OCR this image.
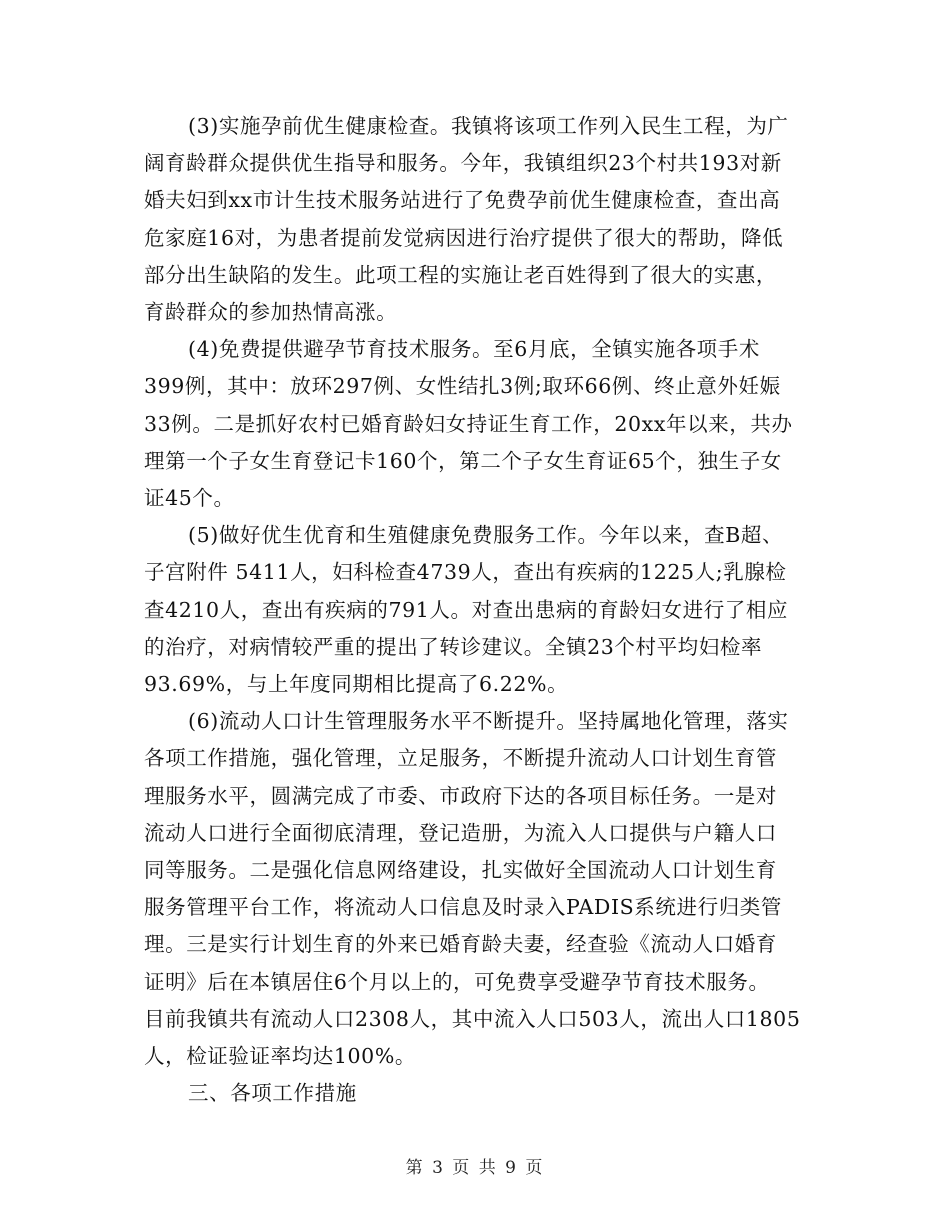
(3)实施孕前优生健康检查。我镇将该项工作列入民生工程，为广
阔育龄群众提供优生指导和服务。今年，我镇组织23个村共193对新
婚夫妇到xx市计生技术服务站进行了免费孕前优生健康检查，查出高
危家庭16对，为患者提前发觉病因进行治疗提供了很大的帮助，降低
部分出生缺陷的发生。此项工程的实施让老百姓得到了很大的实惠，
育龄群众的参加热情高涨。

(4)免费提供避孕节育技术服务。至6月底，全镇实施各项手术
399例，其中：放环297例、女性结扎3例;取环66例、终止意外妊娠
33例。二是抓好农村已婚育龄妇女持证生育工作，20xx年以来，共办
理第一个子女生育登记卡160个，第二个子女生育证65个，独生子女
证45个。

(5)做好优生优育和生殖健康免费服务工作。今年以来，查B超、
子宫附件 5411人，妇科检查4739人，查出有疾病的1225人;乳腺检
查4210人，查出有疾病的791人。对查出患病的育龄妇女进行了相应
的治疗，对病情较严重的提出了转诊建议。全镇23个村平均妇检率
93.69%，与上年度同期相比提高了6.22%。

(6)流动人口计生管理服务水平不断提升。坚持属地化管理，落实
各项工作措施，强化管理，立足服务，不断提升流动人口计划生育管
理服务水平，圆满完成了市委、市政府下达的各项目标任务。一是对
流动人口进行全面彻底清理，登记造册，为流入人口提供与户籍人口
同等服务。二是强化信息网络建设，扎实做好全国流动人口计划生育
服务管理平台工作，将流动人口信息及时录入PADIS系统进行归类管
理。三是实行计划生育的外来已婚育龄夫妻，经查验《流动人口婚育
证明》后在本镇居住6个月以上的，可免费享受避孕节育技术服务。
目前我镇共有流动人口2308人，其中流入人口503人，流出人口1805
人，检证验证率均达100%。

三、各项工作措施

第 3 页 共 9 页
